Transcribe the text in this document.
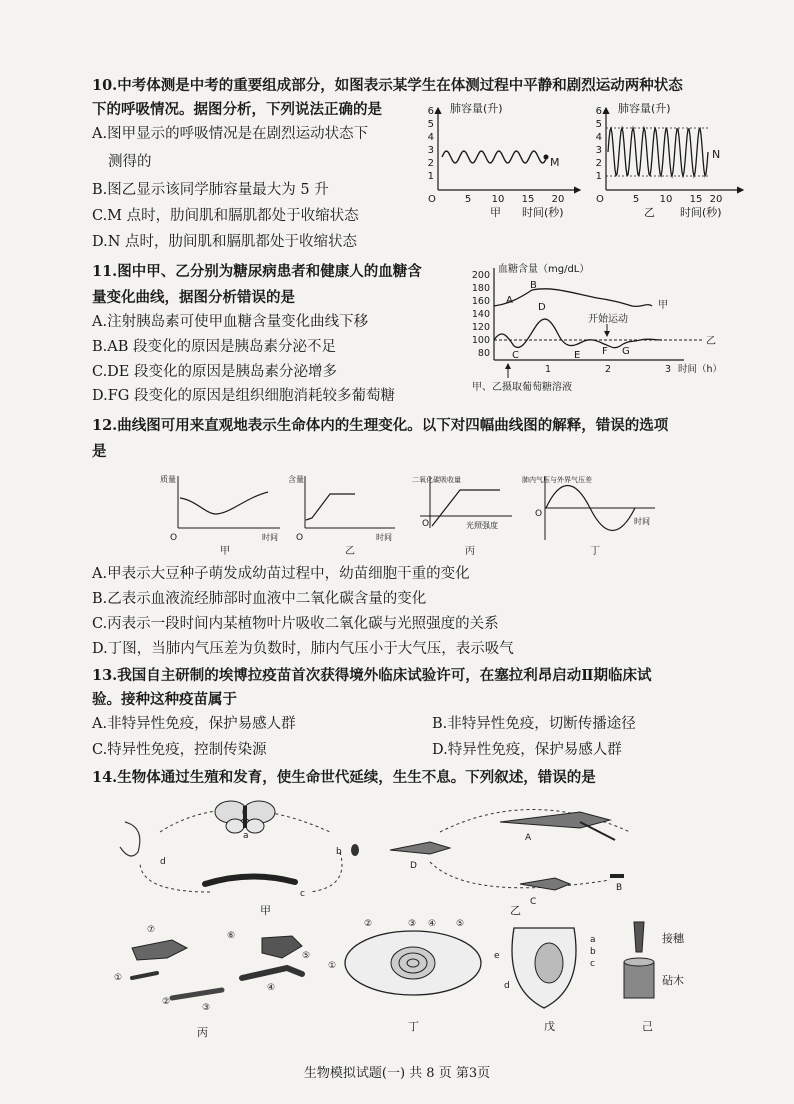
10.中考体测是中考的重要组成部分，如图表示某学生在体测过程中平静和剧烈运动两种状态
下的呼吸情况。据图分析，下列说法正确的是
A.图甲显示的呼吸情况是在剧烈运动状态下
测得的
B.图乙显示该同学肺容量最大为 5 升
C.M 点时，肋间肌和膈肌都处于收缩状态
D.N 点时，肋间肌和膈肌都处于收缩状态
肺容量(升)
1
2
3
4
5
6
O	5 10 15 20
甲 时间(秒)
M
肺容量(升)
1
2
3
4
5
6
O	5 10 15 20
乙 时间(秒)
N
11.图中甲、乙分别为糖尿病患者和健康人的血糖含
量变化曲线，据图分析错误的是
A.注射胰岛素可使甲血糖含量变化曲线下移
B.AB 段变化的原因是胰岛素分泌不足
C.DE 段变化的原因是胰岛素分泌增多
D.FG 段变化的原因是组织细胞消耗较多葡萄糖
血糖含量（mg/dL）
200
180
160
140
120
100
80
A
B
C
D
E F G
甲
乙
开始运动
1	2	3 时间（h）
甲、乙摄取葡萄糖溶液
12.曲线图可用来直观地表示生命体内的生理变化。以下对四幅曲线图的解释，错误的选项
是
质量
O	时间
甲
含量
O	时间
乙
二氧化碳吸收量
O	光照强度
丙
肺内气压与外界气压差
O
时间
丁
A.甲表示大豆种子萌发成幼苗过程中，幼苗细胞干重的变化
B.乙表示血液流经肺部时血液中二氧化碳含量的变化
C.丙表示一段时间内某植物叶片吸收二氧化碳与光照强度的关系
D.丁图，当肺内气压差为负数时，肺内气压小于大气压，表示吸气
13.我国自主研制的埃博拉疫苗首次获得境外临床试验许可，在塞拉利昂启动Ⅱ期临床试
验。接种这种疫苗属于
A.非特异性免疫，保护易感人群	B.非特异性免疫，切断传播途径
C.特异性免疫，控制传染源	D.特异性免疫，保护易感人群
14.生物体通过生殖和发育，使生命世代延续，生生不息。下列叙述，错误的是
a
b
c
d
甲
A
D
C
B
乙
①
②
③
④
⑤
⑥
⑦
丙
①
②	③ ④ ⑤
丁
a
b
c
d
e
戊
接穗
砧木
己
生物模拟试题(一) 共 8 页 第3页
